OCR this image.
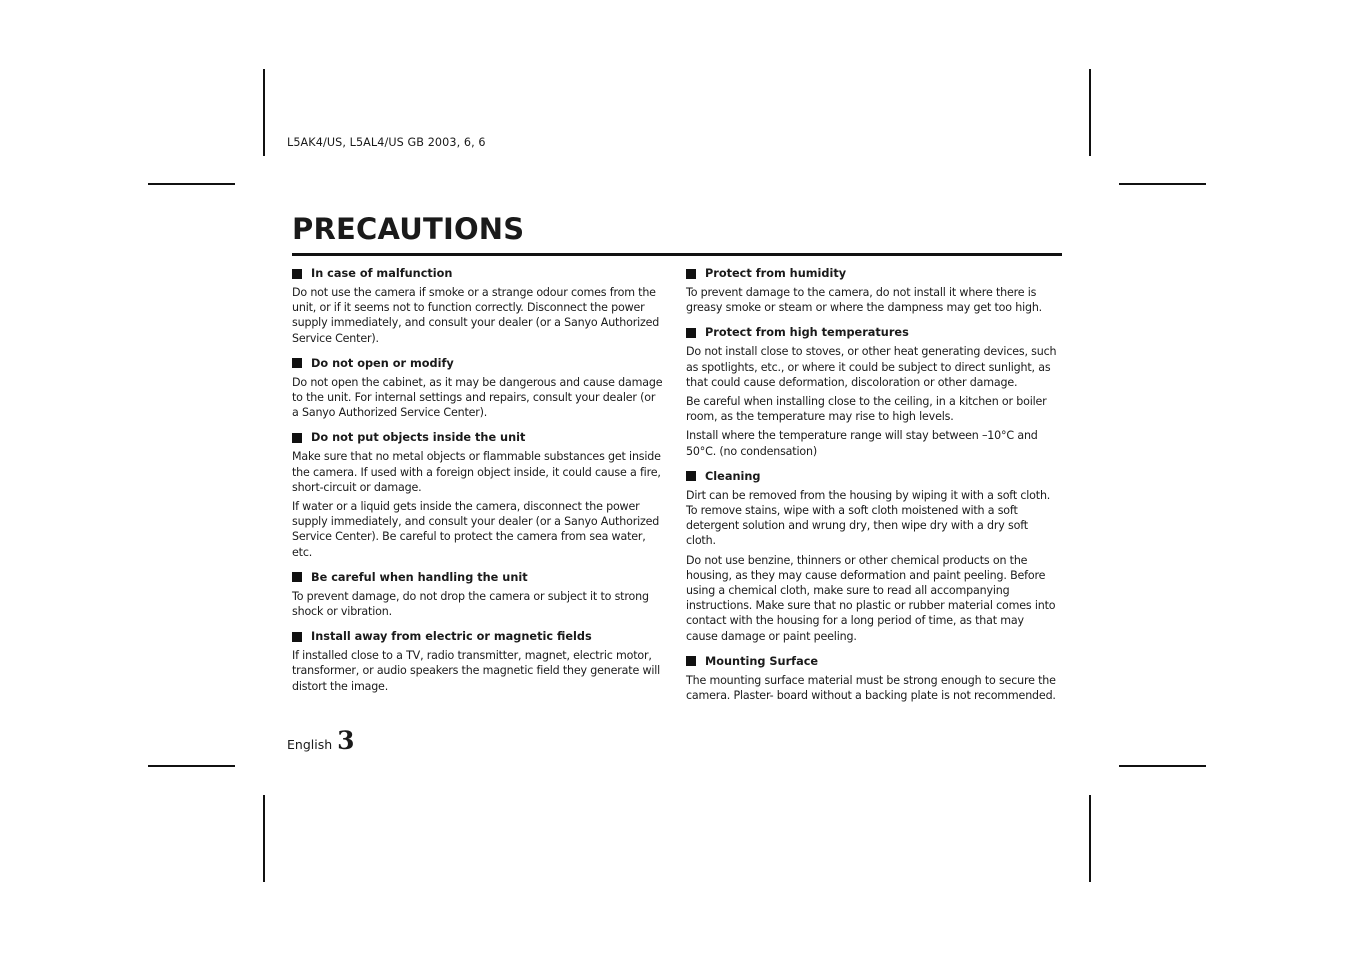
L5AK4/US, L5AL4/US GB 2003, 6, 6
PRECAUTIONS
In case of malfunction

Do not use the camera if smoke or a strange odour comes from the unit, or if it seems not to function correctly. Disconnect the power supply immediately, and consult your dealer (or a Sanyo Authorized Service Center).

Do not open or modify

Do not open the cabinet, as it may be dangerous and cause damage to the unit. For internal settings and repairs, consult your dealer (or a Sanyo Authorized Service Center).

Do not put objects inside the unit

Make sure that no metal objects or flammable substances get inside the camera. If used with a foreign object inside, it could cause a fire, short-circuit or damage.

If water or a liquid gets inside the camera, disconnect the power supply immediately, and consult your dealer (or a Sanyo Authorized Service Center). Be careful to protect the camera from sea water, etc.

Be careful when handling the unit

To prevent damage, do not drop the camera or subject it to strong shock or vibration.

Install away from electric or magnetic fields

If installed close to a TV, radio transmitter, magnet, electric motor, transformer, or audio speakers the magnetic field they generate will distort the image.

Protect from humidity

To prevent damage to the camera, do not install it where there is greasy smoke or steam or where the dampness may get too high.

Protect from high temperatures

Do not install close to stoves, or other heat generating devices, such as spotlights, etc., or where it could be subject to direct sunlight, as that could cause deformation, discoloration or other damage.

Be careful when installing close to the ceiling, in a kitchen or boiler room, as the temperature may rise to high levels.

Install where the temperature range will stay between –10°C and 50°C. (no condensation)

Cleaning

Dirt can be removed from the housing by wiping it with a soft cloth. To remove stains, wipe with a soft cloth moistened with a soft detergent solution and wrung dry, then wipe dry with a dry soft cloth.

Do not use benzine, thinners or other chemical products on the housing, as they may cause deformation and paint peeling. Before using a chemical cloth, make sure to read all accompanying instructions. Make sure that no plastic or rubber material comes into contact with the housing for a long period of time, as that may cause damage or paint peeling.

Mounting Surface

The mounting surface material must be strong enough to secure the camera. Plaster- board without a backing plate is not recommended.

English 3
